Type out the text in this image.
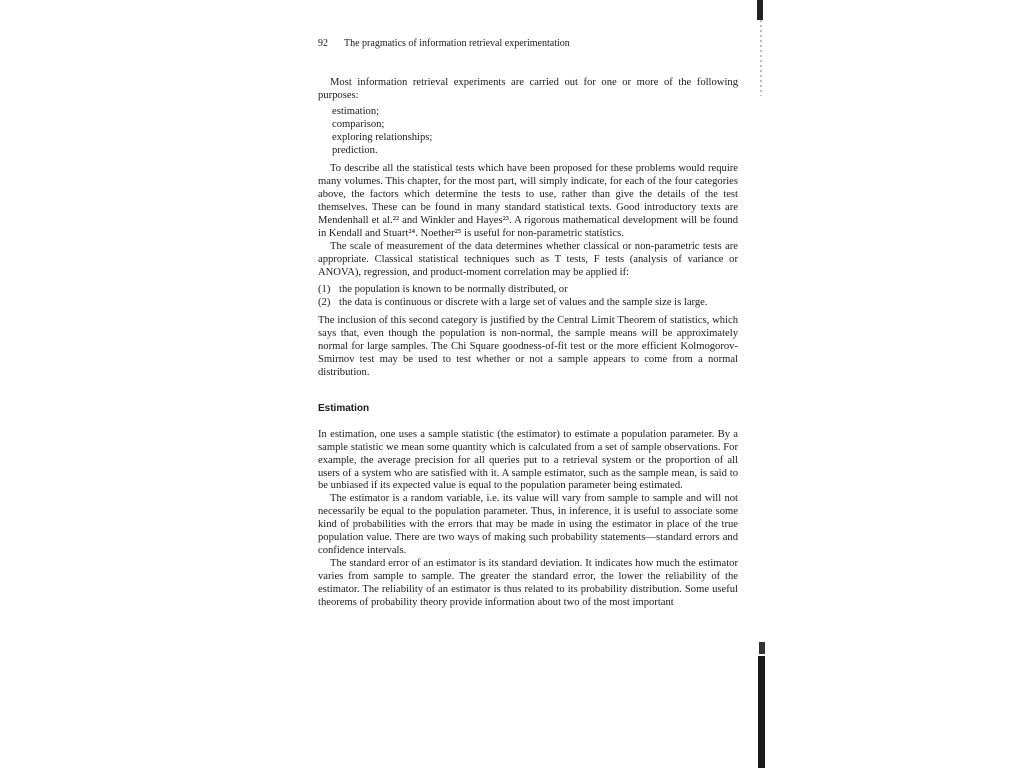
92 The pragmatics of information retrieval experimentation

Most information retrieval experiments are carried out for one or more of the following purposes:

estimation;
comparison;
exploring relationships;
prediction.

To describe all the statistical tests which have been proposed for these problems would require many volumes. This chapter, for the most part, will simply indicate, for each of the four categories above, the factors which determine the tests to use, rather than give the details of the test themselves. These can be found in many standard statistical texts. Good introductory texts are Mendenhall et al.²² and Winkler and Hayes²³. A rigorous mathematical development will be found in Kendall and Stuart²⁴. Noether²⁵ is useful for non-parametric statistics.

The scale of measurement of the data determines whether classical or non-parametric tests are appropriate. Classical statistical techniques such as T tests, F tests (analysis of variance or ANOVA), regression, and product-moment correlation may be applied if:

(1) the population is known to be normally distributed, or
(2) the data is continuous or discrete with a large set of values and the sample size is large.

The inclusion of this second category is justified by the Central Limit Theorem of statistics, which says that, even though the population is non-normal, the sample means will be approximately normal for large samples. The Chi Square goodness-of-fit test or the more efficient Kolmogorov-Smirnov test may be used to test whether or not a sample appears to come from a normal distribution.

Estimation

In estimation, one uses a sample statistic (the estimator) to estimate a population parameter. By a sample statistic we mean some quantity which is calculated from a set of sample observations. For example, the average precision for all queries put to a retrieval system or the proportion of all users of a system who are satisfied with it. A sample estimator, such as the sample mean, is said to be unbiased if its expected value is equal to the population parameter being estimated.

The estimator is a random variable, i.e. its value will vary from sample to sample and will not necessarily be equal to the population parameter. Thus, in inference, it is useful to associate some kind of probabilities with the errors that may be made in using the estimator in place of the true population value. There are two ways of making such probability statements—standard errors and confidence intervals.

The standard error of an estimator is its standard deviation. It indicates how much the estimator varies from sample to sample. The greater the standard error, the lower the reliability of the estimator. The reliability of an estimator is thus related to its probability distribution. Some useful theorems of probability theory provide information about two of the most important
